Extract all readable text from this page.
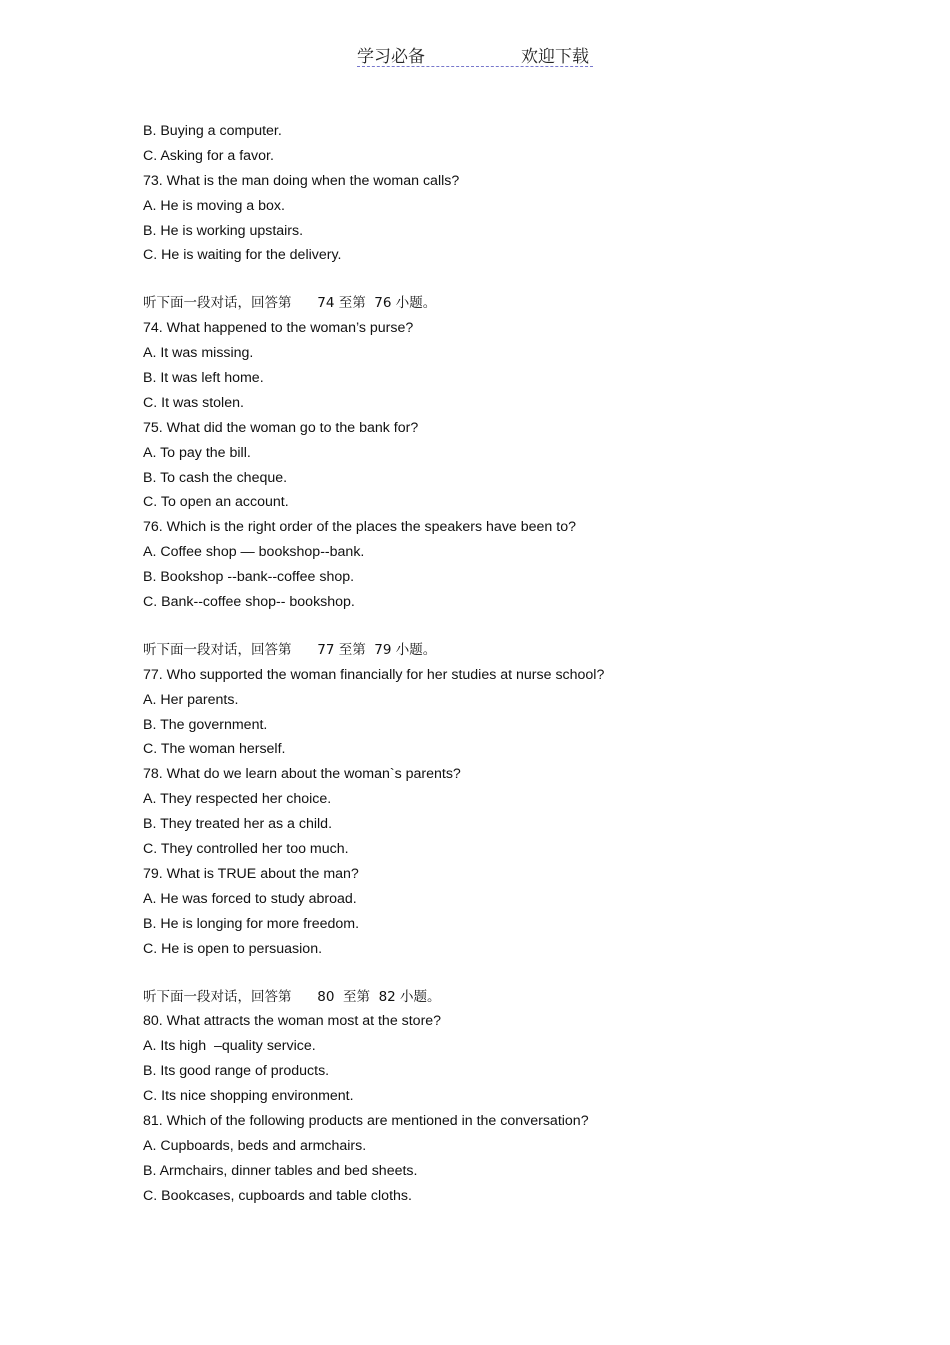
学习必备	欢迎下载
B. Buying a computer.
C. Asking for a favor.
73. What is the man doing when the woman calls?
A. He is moving a box.
B. He is working upstairs.
C. He is waiting for the delivery.
听下面一段对话，回答第      74 至第  76 小题。
74. What happened to the woman’s purse?
A. It was missing.
B. It was left home.
C. It was stolen.
75. What did the woman go to the bank for?
A. To pay the bill.
B. To cash the cheque.
C. To open an account.
76. Which is the right order of the places the speakers have been to?
A. Coffee shop — bookshop--bank.
B. Bookshop --bank--coffee shop.
C. Bank--coffee shop-- bookshop.
听下面一段对话，回答第      77 至第  79 小题。
77. Who supported the woman financially for her studies at nurse school?
A. Her parents.
B. The government.
C. The woman herself.
78. What do we learn about the woman`s parents?
A. They respected her choice.
B. They treated her as a child.
C. They controlled her too much.
79. What is TRUE about the man?
A. He was forced to study abroad.
B. He is longing for more freedom.
C. He is open to persuasion.
听下面一段对话，回答第      80  至第  82 小题。
80. What attracts the woman most at the store?
A. Its high  –quality service.
B. Its good range of products.
C. Its nice shopping environment.
81. Which of the following products are mentioned in the conversation?
A. Cupboards, beds and armchairs.
B. Armchairs, dinner tables and bed sheets.
C. Bookcases, cupboards and table cloths.
